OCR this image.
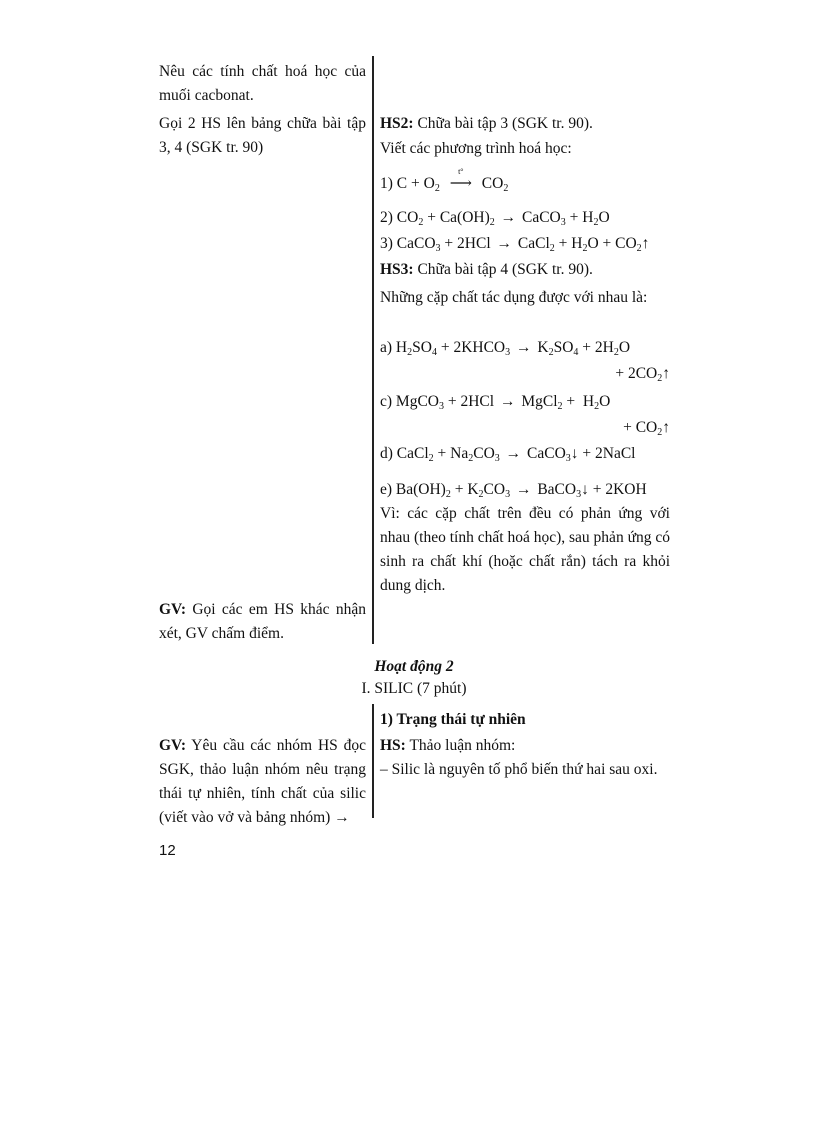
Nêu các tính chất hoá học của muối cacbonat.
Gọi 2 HS lên bảng chữa bài tập 3, 4 (SGK tr. 90)
GV: Gọi các em HS khác nhận xét, GV chấm điểm.
HS2: Chữa bài tập 3 (SGK tr. 90).
Viết các phương trình hoá học:
1) $C + O_2$
t°
⟶ $CO_2$
2) $CO_2 + Ca(OH)_2$ → CaCO$_3$ + $H_2O$
3) CaCO$_3$ + 2HCl → CaCl$_2$ + $H_2O$ + $CO_2↑$
HS3: Chữa bài tập 4 (SGK tr. 90).
Những cặp chất tác dụng được với nhau là:
a) $H_2SO_4$ + $2KHCO_3 \to K_2SO_4 + 2H_2O$
+ $2CO_2↑$
c) MgCO$_3$ + 2HCl → MgCl$_2$ +  $H_2O$
+ $CO_2↑$
d) CaCl$_2$ + $Na_2CO_3$ → CaCO$_3$↓ + 2NaCl
e) $Ba(OH)_2 + K_2CO_3$ → BaCO$_3$↓ + 2KOH
Vì: các cặp chất trên đều có phản ứng với nhau (theo tính chất hoá học), sau phản ứng có sinh ra chất khí (hoặc chất rắn) tách ra khỏi dung dịch.
Hoạt động 2
I. SILIC (7 phút)
1) Trạng thái tự nhiên
GV: Yêu cầu các nhóm HS đọc SGK, thảo luận nhóm nêu trạng thái tự nhiên, tính chất của silic (viết vào vở và bảng nhóm) →
HS: Thảo luận nhóm:
– Silic là nguyên tố phổ biến thứ hai sau oxi.
12
